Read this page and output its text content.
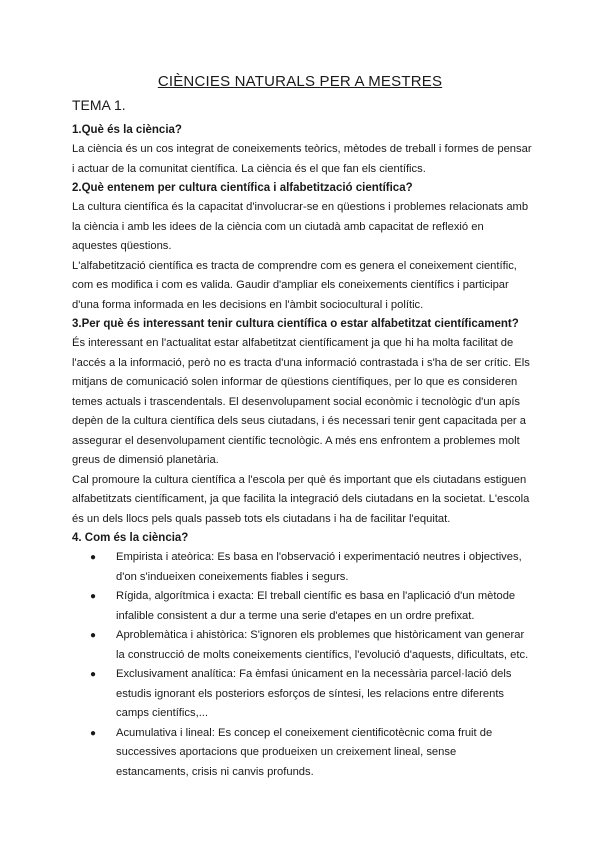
CIÈNCIES NATURALS PER A MESTRES
TEMA 1.
1.Què és la ciència?

La ciència és un cos integrat de coneixements teòrics, mètodes de treball i formes de pensar i actuar de la comunitat científica. La ciència és el que fan els científics.

2.Què entenem per cultura científica i alfabetització científica?

La cultura científica és la capacitat d'involucrar-se en qüestions i problemes relacionats amb la ciència i amb les idees de la ciència com un ciutadà amb capacitat de reflexió en aquestes qüestions.

L'alfabetització científica es tracta de comprendre com es genera el coneixement científic, com es modifica i com es valida. Gaudir d'ampliar els coneixements científics i participar d'una forma informada en les decisions en l'àmbit sociocultural i polític.

3.Per què és interessant tenir cultura científica o estar alfabetitzat científicament?

És interessant en l'actualitat estar alfabetitzat científicament ja que hi ha molta facilitat de l'accés a la informació, però no es tracta d'una informació contrastada i s'ha de ser crític. Els mitjans de comunicació solen informar de qüestions científiques, per lo que es consideren temes actuals i trascendentals. El desenvolupament social econòmic i tecnològic d'un apís depèn de la cultura científica dels seus ciutadans, i és necessari tenir gent capacitada per a assegurar el desenvolupament científic tecnològic. A més ens enfrontem a problemes molt greus de dimensió planetària.

Cal promoure la cultura científica a l'escola per què és important que els ciutadans estiguen alfabetitzats científicament, ja que facilita la integració dels ciutadans en la societat. L'escola és un dels llocs pels quals passeb tots els ciutadans i ha de facilitar l'equitat.

4. Com és la ciència?
● Empirista i ateòrica: Es basa en l'observació i experimentació neutres i objectives, d'on s'indueixen coneixements fiables i segurs.
● Rígida, algorítmica i exacta: El treball científic es basa en l'aplicació d'un mètode infalible consistent a dur a terme una serie d'etapes en un ordre prefixat.
● Aproblemàtica i ahistòrica: S'ignoren els problemes que històricament van generar la construcció de molts coneixements científics, l'evolució d'aquests, dificultats, etc.
● Exclusivament analítica: Fa èmfasi únicament en la necessària parcel·lació dels estudis ignorant els posteriors esforços de síntesi, les relacions entre diferents camps científics,...
● Acumulativa i lineal: Es concep el coneixement cientificotècnic coma fruit de successives aportacions que produeixen un creixement lineal, sense estancaments, crisis ni canvis profunds.
